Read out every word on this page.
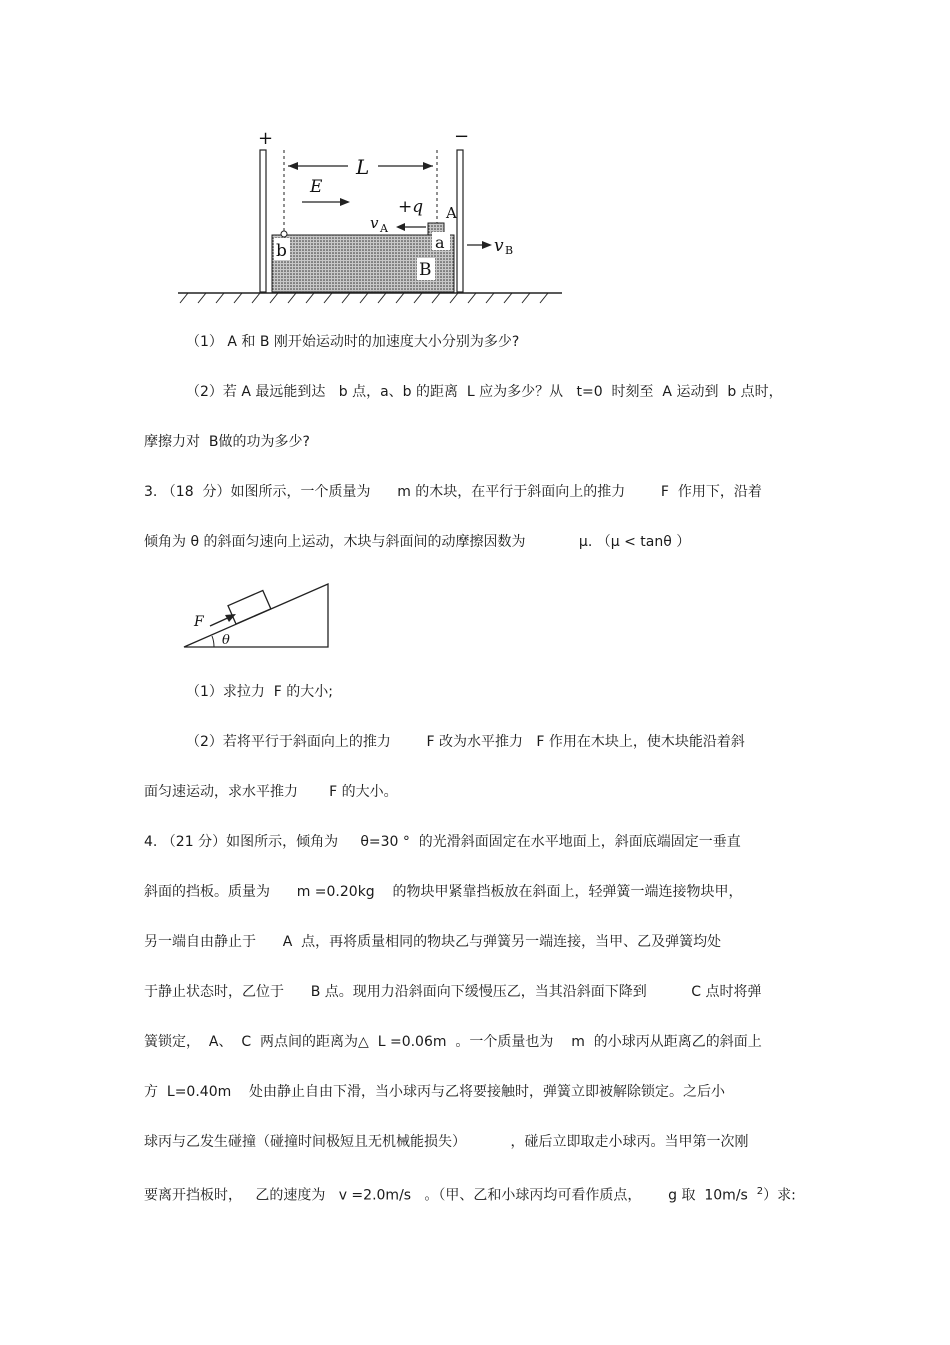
+	−
L
E
+q
v A
A
a
b
B
v B
（1） A 和 B 刚开始运动时的加速度大小分别为多少?
（2）若 A 最远能到达   b 点，a、b 的距离  L 应为多少？从   t=0  时刻至  A 运动到  b 点时，
摩擦力对  B做的功为多少?
3. （18  分）如图所示，一个质量为      m 的木块，在平行于斜面向上的推力        F  作用下，沿着
倾角为 θ 的斜面匀速向上运动，木块与斜面间的动摩擦因数为	μ. （μ < tanθ ）
F
θ
（1）求拉力  F 的大小;
（2）若将平行于斜面向上的推力        F 改为水平推力   F 作用在木块上，使木块能沿着斜
面匀速运动，求水平推力       F 的大小。
4. （21 分）如图所示，倾角为     θ=30 °  的光滑斜面固定在水平地面上，斜面底端固定一垂直
斜面的挡板。质量为      m =0.20kg    的物块甲紧靠挡板放在斜面上，轻弹簧一端连接物块甲，
另一端自由静止于      A  点，再将质量相同的物块乙与弹簧另一端连接，当甲、乙及弹簧均处
于静止状态时，乙位于      B 点。现用力沿斜面向下缓慢压乙，当其沿斜面下降到          C 点时将弹
簧锁定，  A、  C  两点间的距离为△  L =0.06m  。一个质量也为    m  的小球丙从距离乙的斜面上
方  L=0.40m    处由静止自由下滑，当小球丙与乙将要接触时，弹簧立即被解除锁定。之后小
球丙与乙发生碰撞（碰撞时间极短且无机械能损失）          ，碰后立即取走小球丙。当甲第一次刚
要离开挡板时，   乙的速度为   v =2.0m/s   。（甲、乙和小球丙均可看作质点，      g 取  10m/s  $^2$）求:
